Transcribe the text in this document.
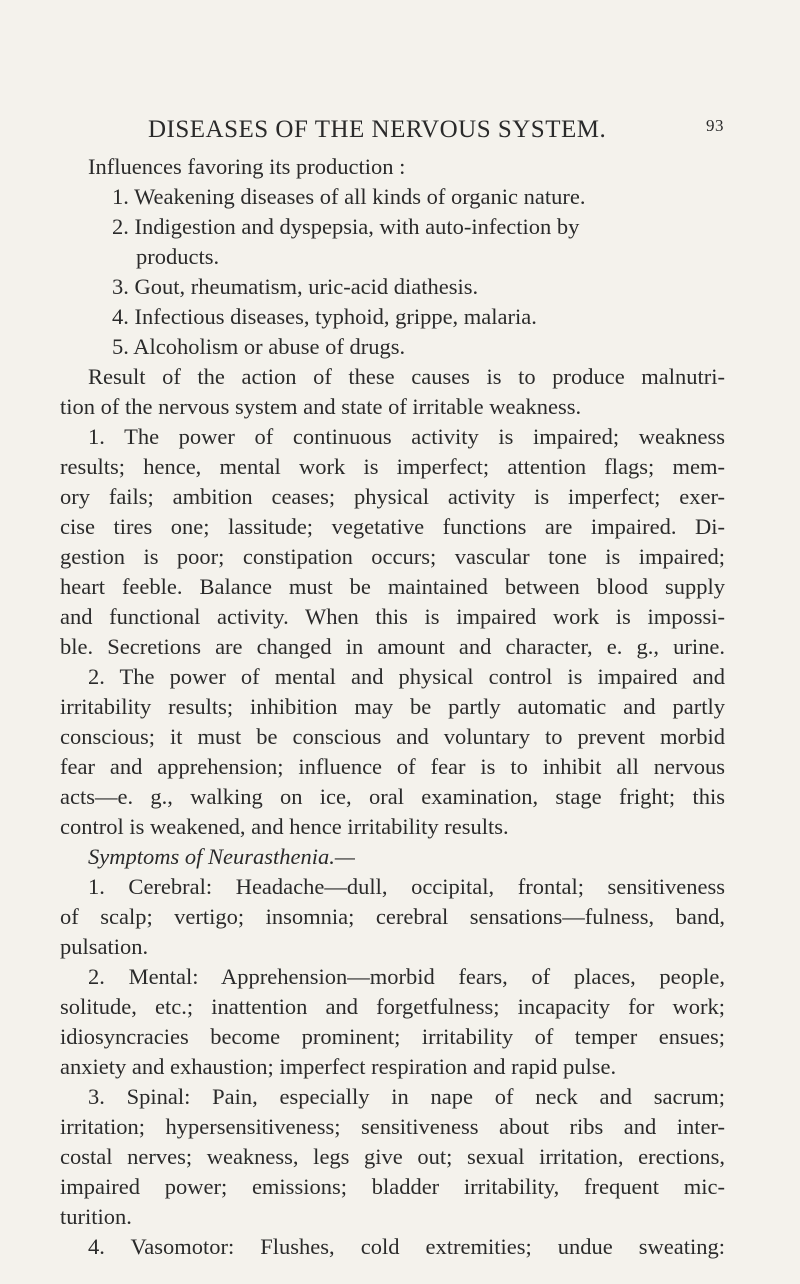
DISEASES OF THE NERVOUS SYSTEM.	93
Influences favoring its production :
1. Weakening diseases of all kinds of organic nature.
2. Indigestion and dyspepsia, with auto-infection by
products.
3. Gout, rheumatism, uric-acid diathesis.
4. Infectious diseases, typhoid, grippe, malaria.
5. Alcoholism or abuse of drugs.
Result of the action of these causes is to produce malnutri-
tion of the nervous system and state of irritable weakness.
1. The power of continuous activity is impaired; weakness
results; hence, mental work is imperfect; attention flags; mem-
ory fails; ambition ceases; physical activity is imperfect; exer-
cise tires one; lassitude; vegetative functions are impaired. Di-
gestion is poor; constipation occurs; vascular tone is impaired;
heart feeble. Balance must be maintained between blood supply
and functional activity. When this is impaired work is impossi-
ble. Secretions are changed in amount and character, e. g., urine.
2. The power of mental and physical control is impaired and
irritability results; inhibition may be partly automatic and partly
conscious; it must be conscious and voluntary to prevent morbid
fear and apprehension; influence of fear is to inhibit all nervous
acts—e. g., walking on ice, oral examination, stage fright; this
control is weakened, and hence irritability results.
Symptoms of Neurasthenia.—
1. Cerebral: Headache—dull, occipital, frontal; sensitiveness
of scalp; vertigo; insomnia; cerebral sensations—fulness, band,
pulsation.
2. Mental: Apprehension—morbid fears, of places, people,
solitude, etc.; inattention and forgetfulness; incapacity for work;
idiosyncracies become prominent; irritability of temper ensues;
anxiety and exhaustion; imperfect respiration and rapid pulse.
3. Spinal: Pain, especially in nape of neck and sacrum;
irritation; hypersensitiveness; sensitiveness about ribs and inter-
costal nerves; weakness, legs give out; sexual irritation, erections,
impaired power; emissions; bladder irritability, frequent mic-
turition.
4. Vasomotor: Flushes, cold extremities; undue sweating:
